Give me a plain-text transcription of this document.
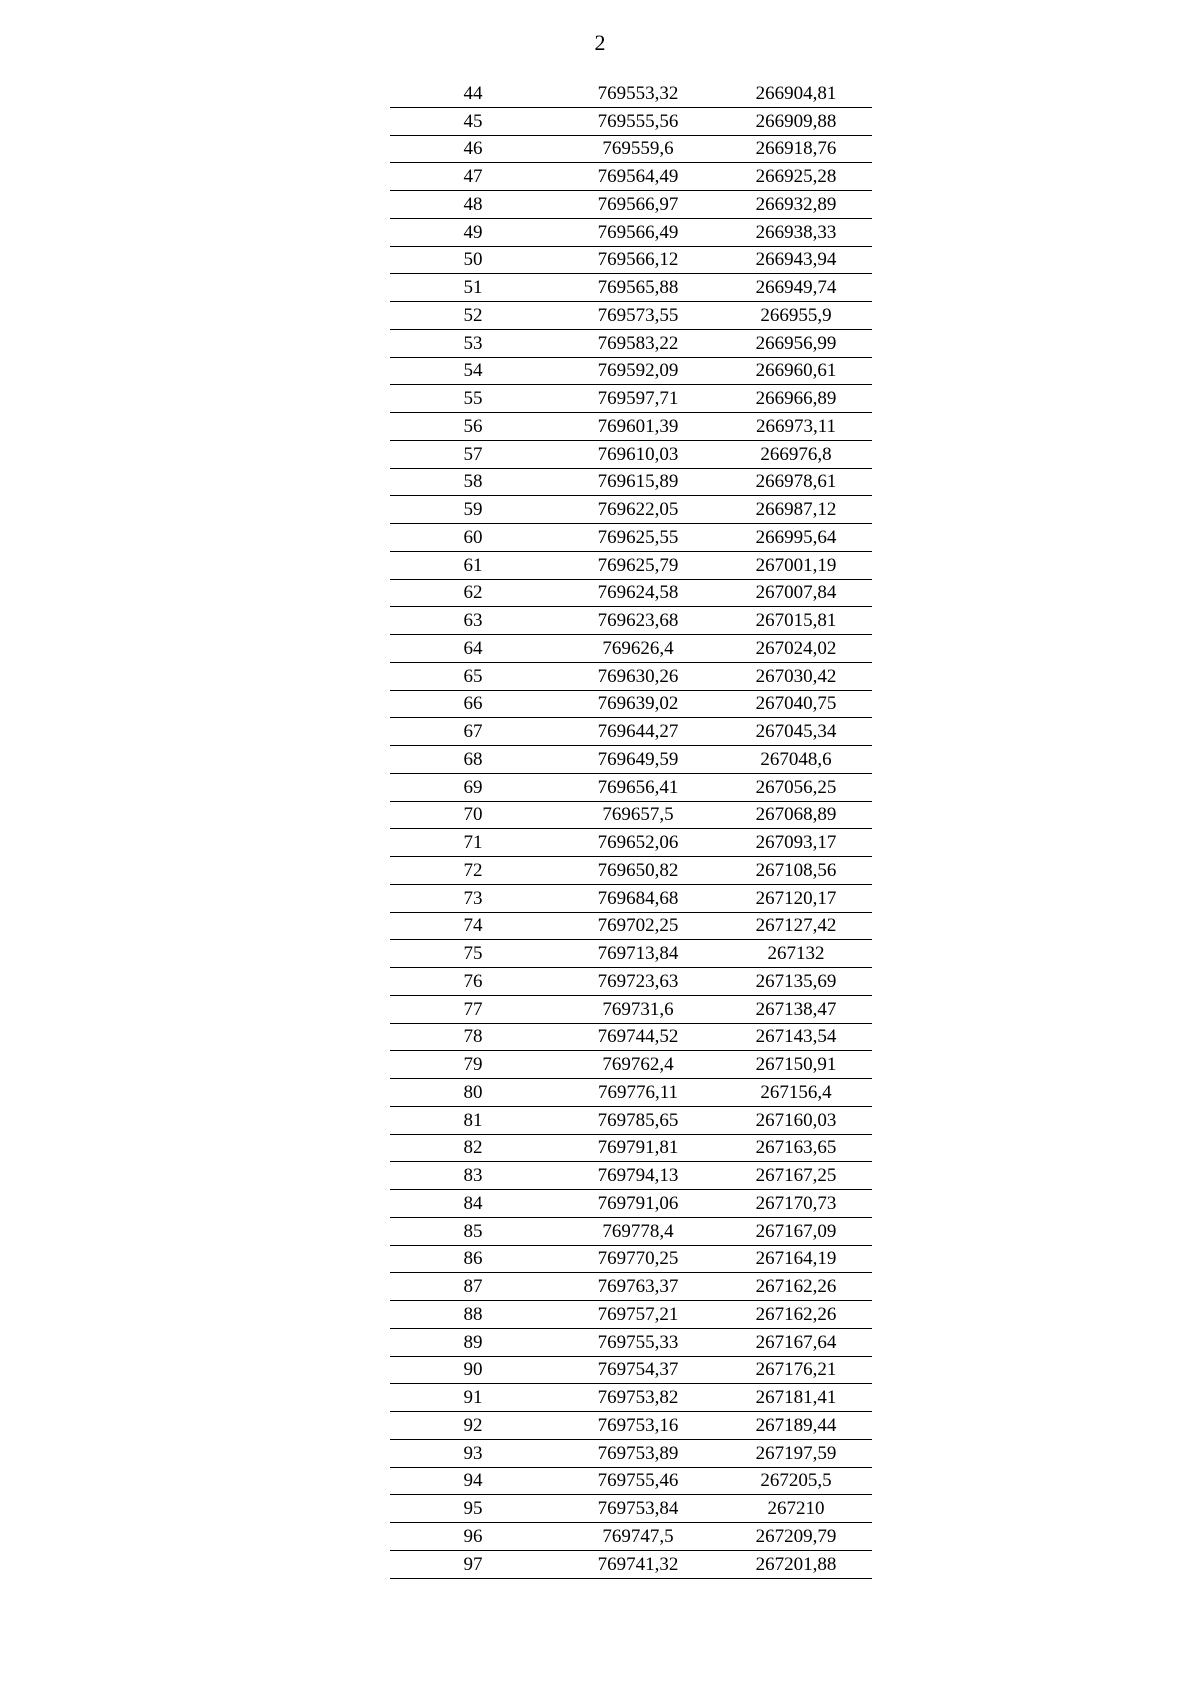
2
44	769553,32	266904,81
45	769555,56	266909,88
46	769559,6	266918,76
47	769564,49	266925,28
48	769566,97	266932,89
49	769566,49	266938,33
50	769566,12	266943,94
51	769565,88	266949,74
52	769573,55	266955,9
53	769583,22	266956,99
54	769592,09	266960,61
55	769597,71	266966,89
56	769601,39	266973,11
57	769610,03	266976,8
58	769615,89	266978,61
59	769622,05	266987,12
60	769625,55	266995,64
61	769625,79	267001,19
62	769624,58	267007,84
63	769623,68	267015,81
64	769626,4	267024,02
65	769630,26	267030,42
66	769639,02	267040,75
67	769644,27	267045,34
68	769649,59	267048,6
69	769656,41	267056,25
70	769657,5	267068,89
71	769652,06	267093,17
72	769650,82	267108,56
73	769684,68	267120,17
74	769702,25	267127,42
75	769713,84	267132
76	769723,63	267135,69
77	769731,6	267138,47
78	769744,52	267143,54
79	769762,4	267150,91
80	769776,11	267156,4
81	769785,65	267160,03
82	769791,81	267163,65
83	769794,13	267167,25
84	769791,06	267170,73
85	769778,4	267167,09
86	769770,25	267164,19
87	769763,37	267162,26
88	769757,21	267162,26
89	769755,33	267167,64
90	769754,37	267176,21
91	769753,82	267181,41
92	769753,16	267189,44
93	769753,89	267197,59
94	769755,46	267205,5
95	769753,84	267210
96	769747,5	267209,79
97	769741,32	267201,88
